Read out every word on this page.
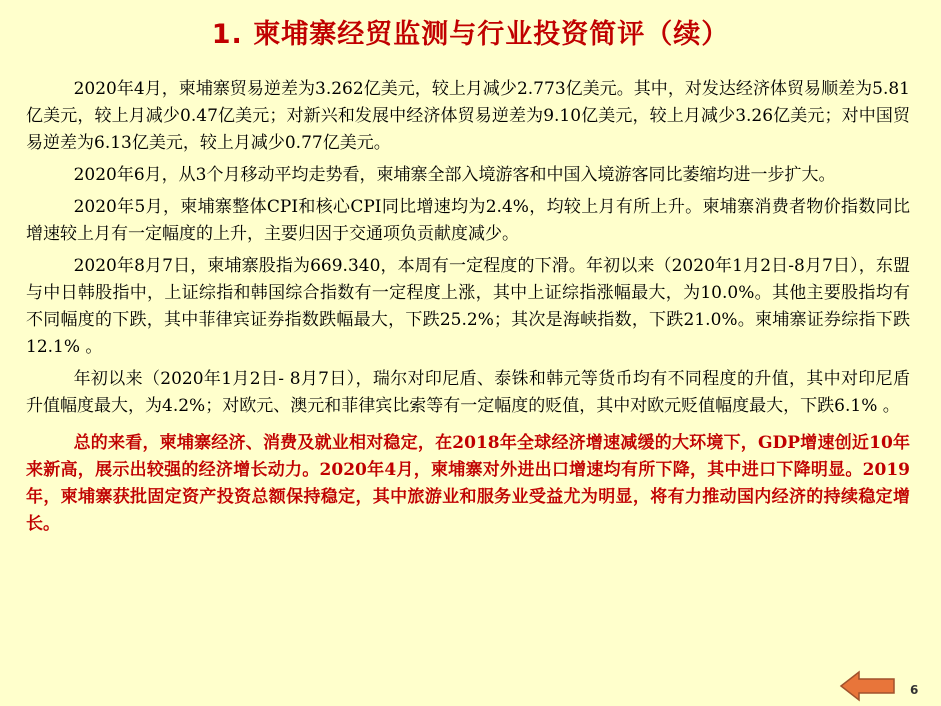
1. 柬埔寨经贸监测与行业投资简评（续）

2020年4月，柬埔寨贸易逆差为3.262亿美元，较上月减少2.773亿美元。其中，对发达经济体贸易顺差为5.81亿美元，较上月减少0.47亿美元；对新兴和发展中经济体贸易逆差为9.10亿美元，较上月减少3.26亿美元；对中国贸易逆差为6.13亿美元，较上月减少0.77亿美元。

2020年6月，从3个月移动平均走势看，柬埔寨全部入境游客和中国入境游客同比萎缩均进一步扩大。

2020年5月，柬埔寨整体CPI和核心CPI同比增速均为2.4%，均较上月有所上升。柬埔寨消费者物价指数同比增速较上月有一定幅度的上升，主要归因于交通项负贡献度减少。

2020年8月7日，柬埔寨股指为669.340，本周有一定程度的下滑。年初以来（2020年1月2日-8月7日），东盟与中日韩股指中，上证综指和韩国综合指数有一定程度上涨，其中上证综指涨幅最大，为10.0%。其他主要股指均有不同幅度的下跌，其中菲律宾证券指数跌幅最大，下跌25.2%；其次是海峡指数，下跌21.0%。柬埔寨证券综指下跌12.1% 。

年初以来（2020年1月2日- 8月7日），瑞尔对印尼盾、泰铢和韩元等货币均有不同程度的升值，其中对印尼盾升值幅度最大，为4.2%；对欧元、澳元和菲律宾比索等有一定幅度的贬值，其中对欧元贬值幅度最大，下跌6.1% 。

总的来看，柬埔寨经济、消费及就业相对稳定，在2018年全球经济增速减缓的大环境下，GDP增速创近10年来新高，展示出较强的经济增长动力。2020年4月，柬埔寨对外进出口增速均有所下降，其中进口下降明显。2019年，柬埔寨获批固定资产投资总额保持稳定，其中旅游业和服务业受益尤为明显，将有力推动国内经济的持续稳定增长。

6
